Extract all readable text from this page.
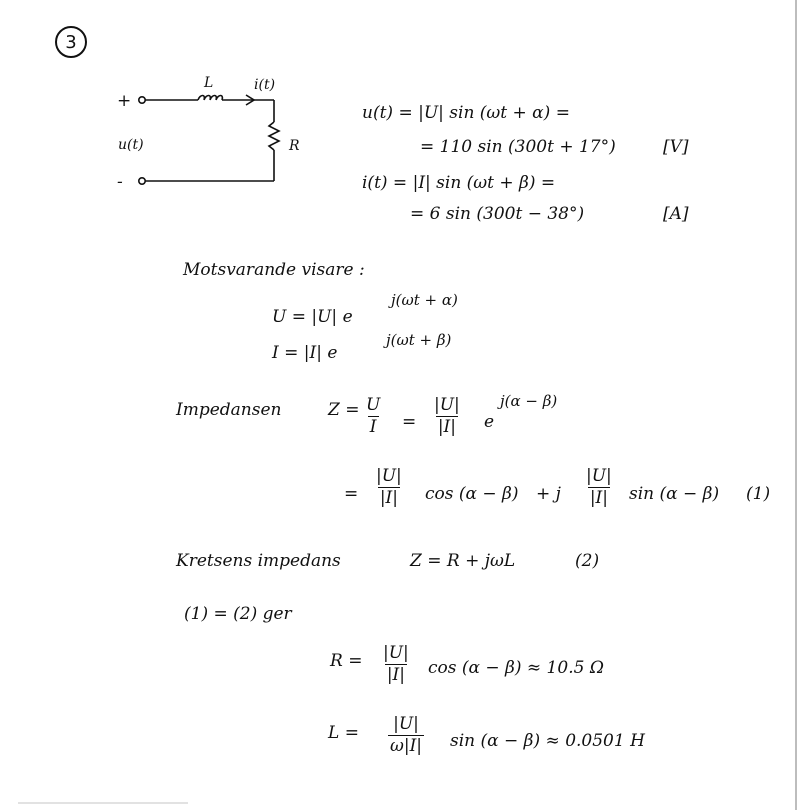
3
+
-
u(t)
L	i(t)
R
u(t) = |U| sin (ωt + α) =
= 110 sin (300t + 17°)	[V]
i(t) = |I| sin (ωt + β) =
= 6 sin (300t − 38°)	[A]
Motsvarande visare :
U = |U| e
j(ωt + α)
I = |I| e
j(ωt + β)
Impedansen	$Z = \frac{U}{I} = \frac{|U|}{|I|}$ e
j(α − β)
= $\frac{|U|}{|I|}$ cos (α − β) + j $\frac{|U|}{|I|}$ sin (α − β) (1)
Kretsens impedans	Z = R + jωL	(2)
(1) = (2) ger
$R = \frac{|U|}{|I|}$ cos (α − β) ≈ 10.5 Ω
$L = \frac{|U|}{\omega|I|}$ sin (α − β) ≈ 0.0501 H
